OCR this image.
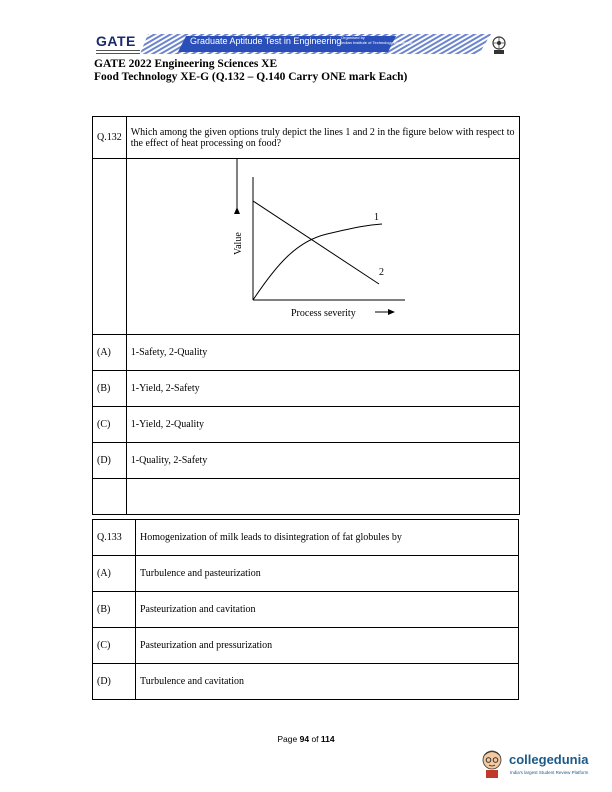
GATE	Graduate Aptitude Test in Engineering Organised by
Indian Institute of Technology Kharagpur
GATE 2022 Engineering Sciences XE
Food Technology XE-G (Q.132 – Q.140 Carry ONE mark Each)
Q.132	Which among the given options truly depict the lines 1 and 2 in the figure below with respect to the effect of heat processing on food?

1
2
Value
Process severity

(A)	1-Safety, 2-Quality
(B)	1-Yield, 2-Safety
(C)	1-Yield, 2-Quality
(D)	1-Quality, 2-Safety

Q.133	Homogenization of milk leads to disintegration of fat globules by
(A)	Turbulence and pasteurization
(B)	Pasteurization and cavitation
(C)	Pasteurization and pressurization
(D)	Turbulence and cavitation
Page 94 of 114
collegedunia
India's largest Student Review Platform
